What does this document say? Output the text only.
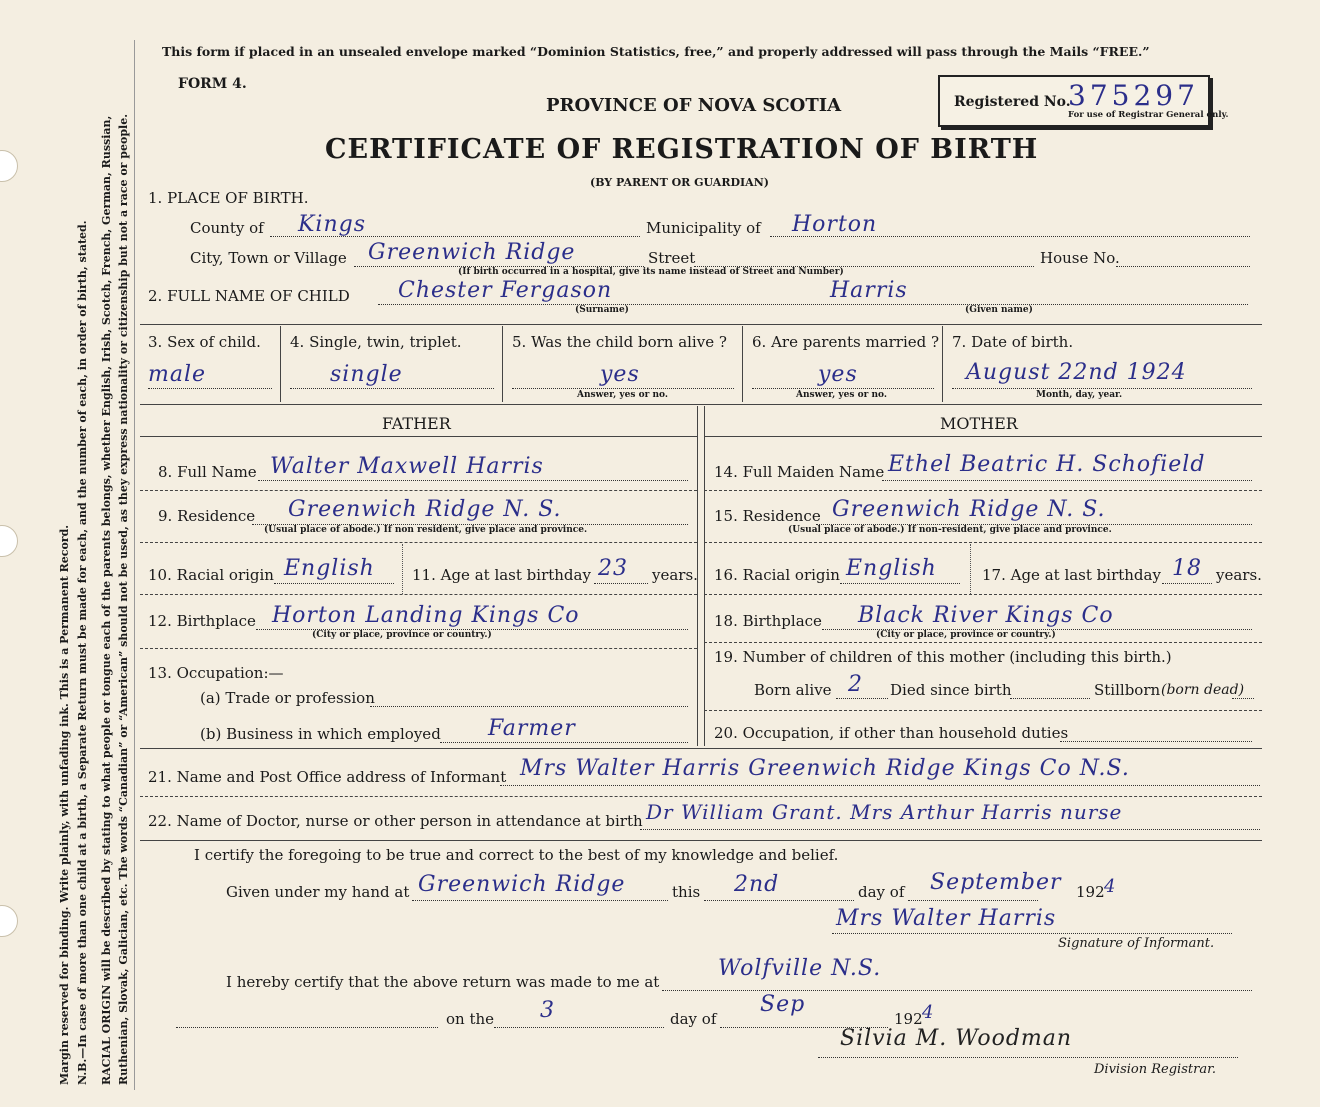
Margin reserved for binding. Write plainly, with unfading ink. This is a Permanent Record. N.B.—In case of more than one child at a birth, a Separate Return must be made for each, and the number of each, in order of birth, stated. RACIAL ORIGIN will be described by stating to what people or tongue each of the parents belongs, whether English, Irish, Scotch, French, German, Russian, Ruthenian, Slovak, Galician, etc. The words “Canadian” or “American” should not be used, as they express nationality or citizenship but not a race or people.
This form if placed in an unsealed envelope marked “Dominion Statistics, free,” and properly addressed will pass through the Mails “FREE.”
FORM 4.
PROVINCE OF NOVA SCOTIA
CERTIFICATE OF REGISTRATION OF BIRTH
(BY PARENT OR GUARDIAN)
Registered No.
375297
For use of Registrar General only.
1. PLACE OF BIRTH.
County of Kings	Municipality of Horton
City, Town or Village Greenwich Ridge	Street	House No.
(If birth occurred in a hospital, give its name instead of Street and Number)
2. FULL NAME OF CHILD Chester Fergason	Harris
(Surname)	(Given name)
3. Sex of child.
male
4. Single, twin, triplet.
single
5. Was the child born alive ?
yes
Answer, yes or no.
6. Are parents married ?
yes
Answer, yes or no.
7. Date of birth.
August 22nd 1924
Month, day, year.
FATHER	MOTHER
8. Full Name Walter Maxwell Harris
9. Residence Greenwich Ridge N. S.
(Usual place of abode.) If non resident, give place and province.
10. Racial origin English 11. Age at last birthday 23 years.
12. Birthplace Horton Landing Kings Co
(City or place, province or country.)
13. Occupation:—
(a) Trade or profession
(b) Business in which employed Farmer
14. Full Maiden Name Ethel Beatric H. Schofield
15. Residence Greenwich Ridge N. S.
(Usual place of abode.) If non-resident, give place and province.
16. Racial origin English	17. Age at last birthday 18 years.
18. Birthplace Black River Kings Co
(City or place, province or country.)
19. Number of children of this mother (including this birth.)
Born alive 2 Died since birth	Stillborn (born dead)
20. Occupation, if other than household duties
21. Name and Post Office address of Informant Mrs Walter Harris Greenwich Ridge Kings Co N.S.
22. Name of Doctor, nurse or other person in attendance at birth Dr William Grant. Mrs Arthur Harris nurse
I certify the foregoing to be true and correct to the best of my knowledge and belief.
Given under my hand at Greenwich Ridge	this 2nd	day of September 192 4
Mrs Walter Harris
Signature of Informant.
I hereby certify that the above return was made to me at
Wolfville N.S.
on the 3	day of
Sep
192 4
Silvia M. Woodman
Division Registrar.
